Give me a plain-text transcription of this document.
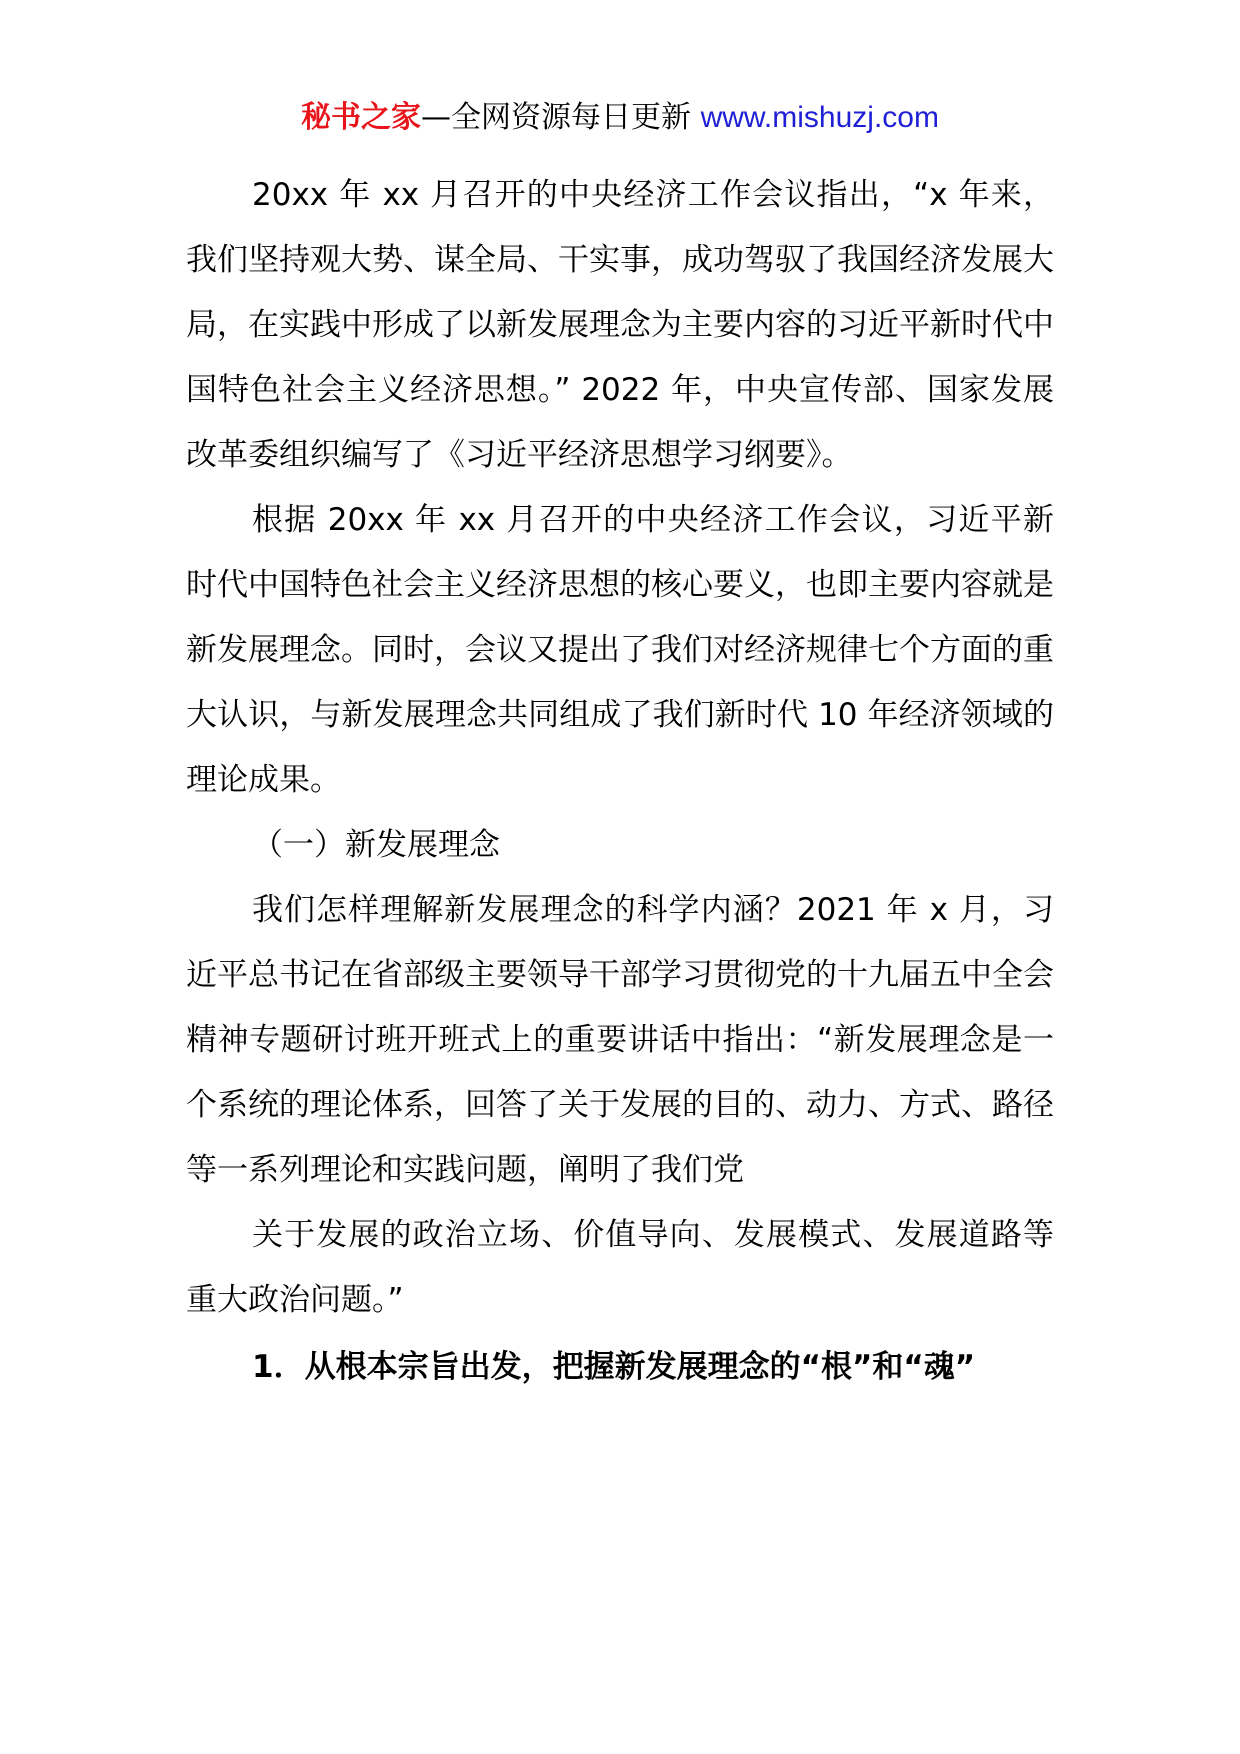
秘书之家—全网资源每日更新 www.mishuzj.com

20xx 年 xx 月召开的中央经济工作会议指出，“x 年来，我们坚持观大势、谋全局、干实事，成功驾驭了我国经济发展大局，在实践中形成了以新发展理念为主要内容的习近平新时代中国特色社会主义经济思想。” 2022 年，中央宣传部、国家发展改革委组织编写了《习近平经济思想学习纲要》。

根据 20xx 年 xx 月召开的中央经济工作会议，习近平新时代中国特色社会主义经济思想的核心要义，也即主要内容就是新发展理念。同时，会议又提出了我们对经济规律七个方面的重大认识，与新发展理念共同组成了我们新时代 10 年经济领域的理论成果。

（一）新发展理念

我们怎样理解新发展理念的科学内涵？2021 年 x 月，习近平总书记在省部级主要领导干部学习贯彻党的十九届五中全会精神专题研讨班开班式上的重要讲话中指出：“新发展理念是一个系统的理论体系，回答了关于发展的目的、动力、方式、路径等一系列理论和实践问题，阐明了我们党

关于发展的政治立场、价值导向、发展模式、发展道路等重大政治问题。”

1．从根本宗旨出发，把握新发展理念的“根”和“魂”
